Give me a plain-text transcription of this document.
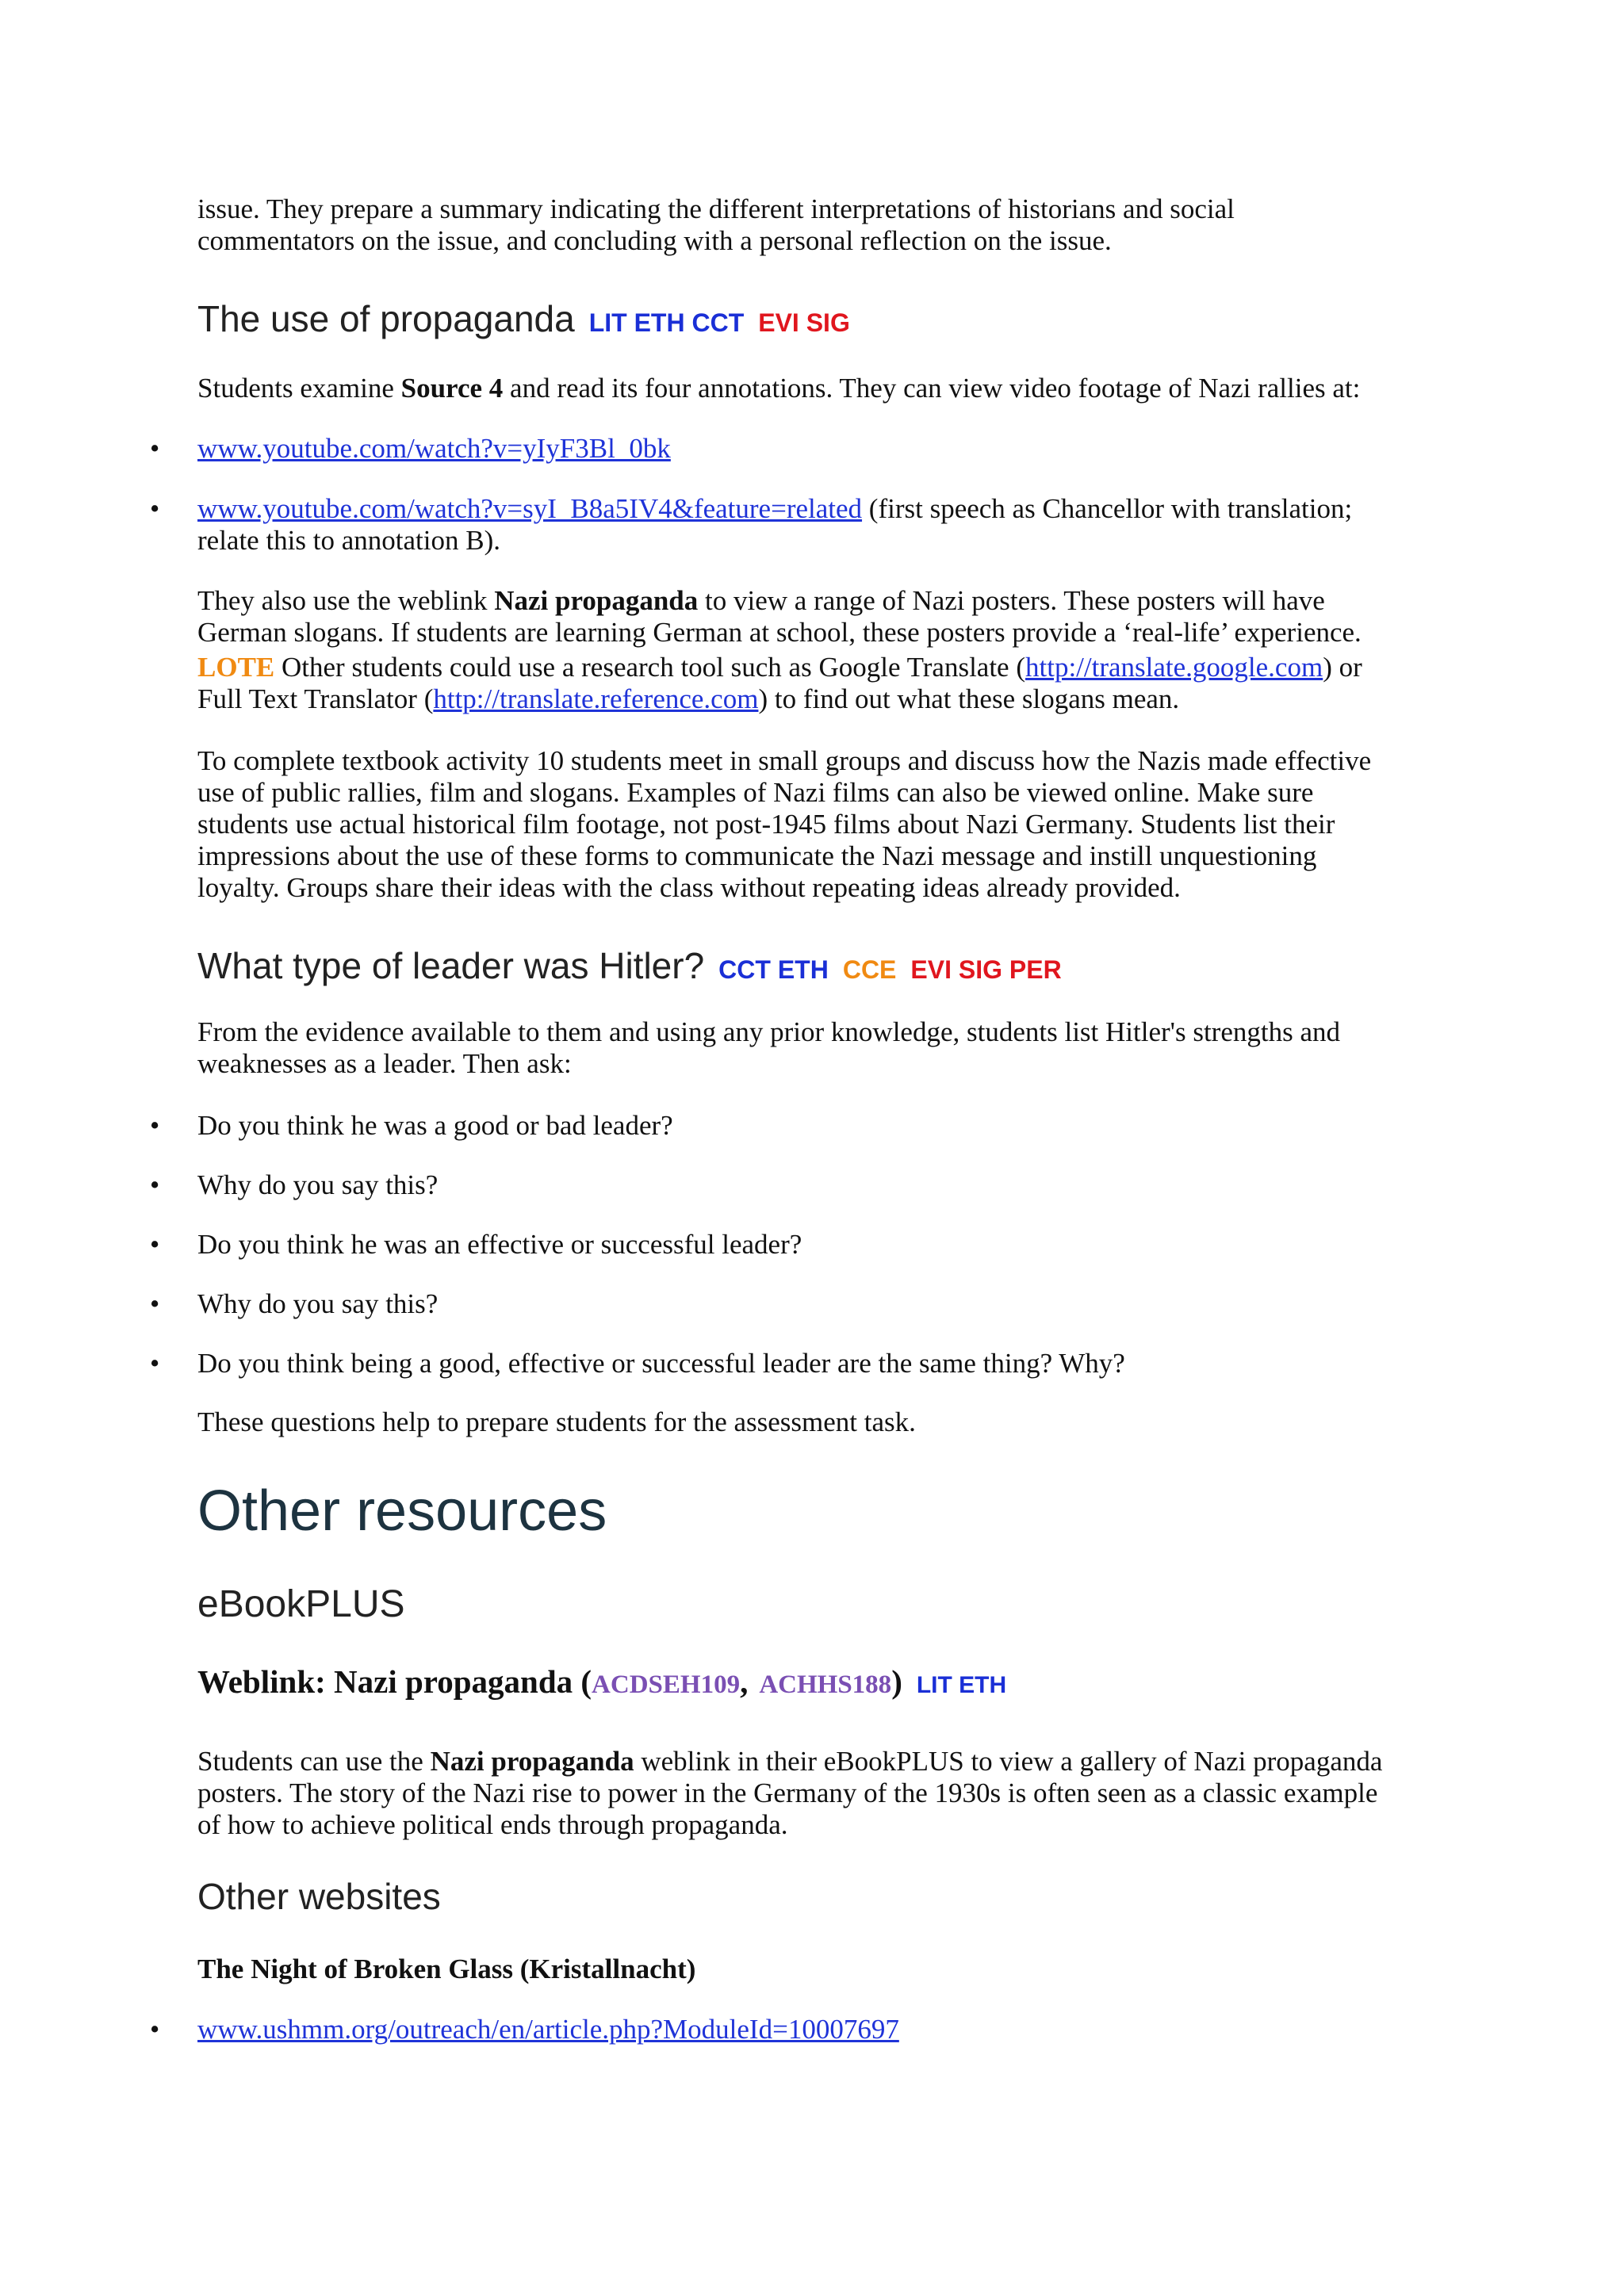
issue. They prepare a summary indicating the different interpretations of historians and social

commentators on the issue, and concluding with a personal reflection on the issue.

The use of propaganda LIT ETH CCT EVI SIG

Students examine Source 4 and read its four annotations. They can view video footage of Nazi rallies at:

• www.youtube.com/watch?v=yIyF3Bl_0bk

• www.youtube.com/watch?v=syI_B8a5IV4&feature=related (first speech as Chancellor with translation;

relate this to annotation B).

They also use the weblink Nazi propaganda to view a range of Nazi posters. These posters will have

German slogans. If students are learning German at school, these posters provide a ‘real-life’ experience.

LOTE Other students could use a research tool such as Google Translate (http://translate.google.com) or

Full Text Translator (http://translate.reference.com) to find out what these slogans mean.

To complete textbook activity 10 students meet in small groups and discuss how the Nazis made effective

use of public rallies, film and slogans. Examples of Nazi films can also be viewed online. Make sure

students use actual historical film footage, not post-1945 films about Nazi Germany. Students list their

impressions about the use of these forms to communicate the Nazi message and instill unquestioning

loyalty. Groups share their ideas with the class without repeating ideas already provided.

What type of leader was Hitler? CCT ETH CCE EVI SIG PER

From the evidence available to them and using any prior knowledge, students list Hitler's strengths and

weaknesses as a leader. Then ask:

• Do you think he was a good or bad leader?

• Why do you say this?

• Do you think he was an effective or successful leader?

• Why do you say this?

• Do you think being a good, effective or successful leader are the same thing? Why?

These questions help to prepare students for the assessment task.

Other resources
eBookPLUS
Weblink: Nazi propaganda (ACDSEH109, ACHHS188) LIT ETH

Students can use the Nazi propaganda weblink in their eBookPLUS to view a gallery of Nazi propaganda

posters. The story of the Nazi rise to power in the Germany of the 1930s is often seen as a classic example

of how to achieve political ends through propaganda.

Other websites

The Night of Broken Glass (Kristallnacht)

• www.ushmm.org/outreach/en/article.php?ModuleId=10007697
